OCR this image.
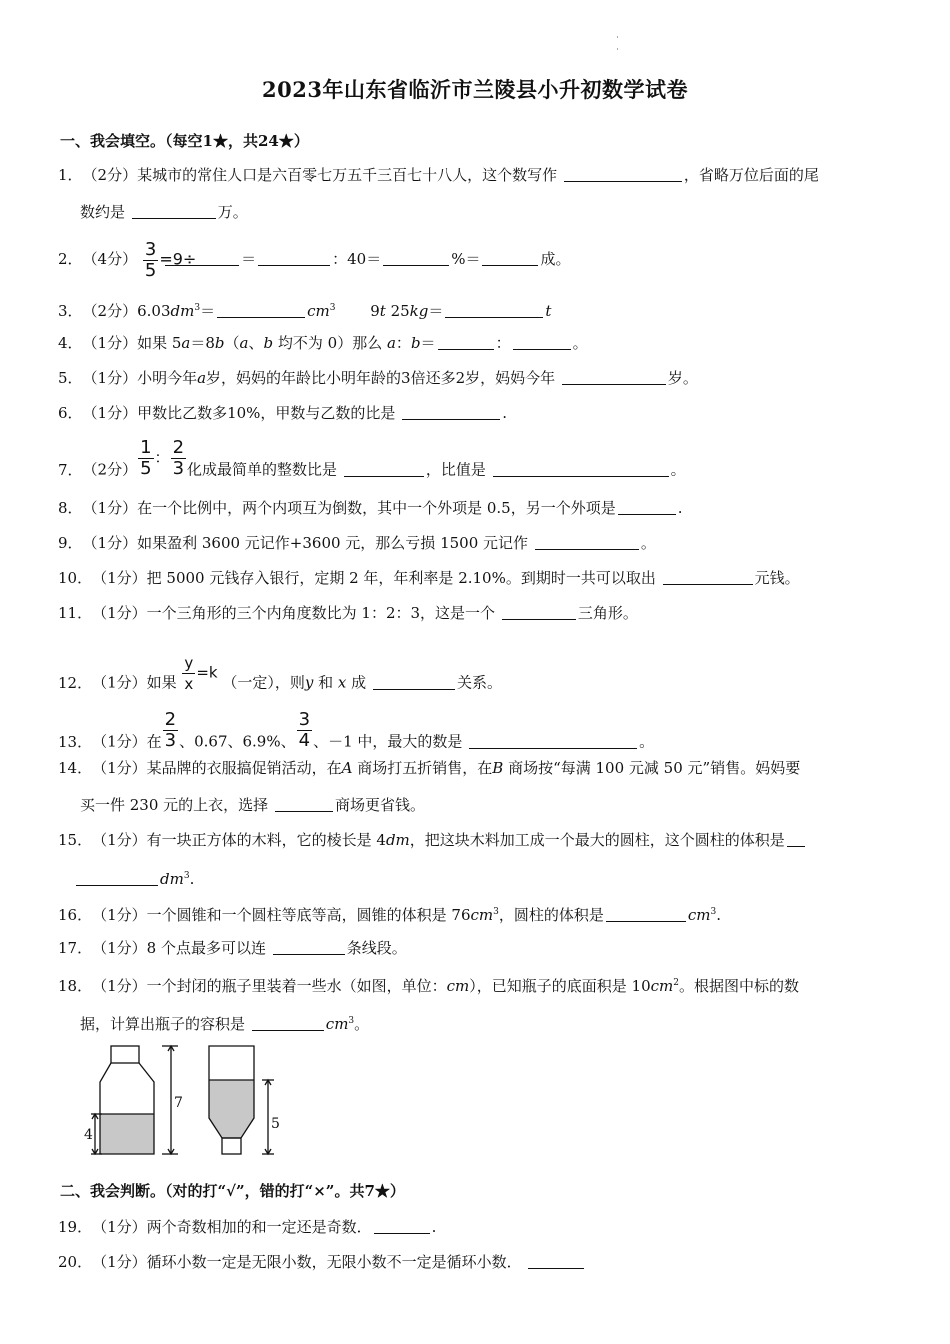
2023年山东省临沂市兰陵县小升初数学试卷
一、我会填空。（每空1★，共24★）
1．（2分）某城市的常住人口是六百零七万五千三百七十八人，这个数写作	，省略万位后面的尾
数约是	万。
2．（4分） $\frac{3}{5} =9\div$	＝	：40＝	%＝	成。
3．（2分）$6.03dm^3=$	$cm^3$ 9t 25kg＝	t
4．（1分）如果 5a＝8b（a、b 均不为 0）那么 a：b＝	：	。
5．（1分）小明今年a岁，妈妈的年龄比小明年龄的3倍还多2岁，妈妈今年	岁。
6．（1分）甲数比乙数多10%，甲数与乙数的比是	.
7．（2分） $\frac{1}{5}$ ： $\frac{2}{3}$ 化成最简单的整数比是	，比值是	。
8．（1分）在一个比例中，两个内项互为倒数，其中一个外项是 0.5，另一个外项是	.
9．（1分）如果盈利 3600 元记作+3600 元，那么亏损 1500 元记作	。
10．（1分）把 5000 元钱存入银行，定期 2 年，年利率是 2.10%。到期时一共可以取出	元钱。
11．（1分）一个三角形的三个内角度数比为 1：2：3，这是一个	三角形。
12．（1分）如果 $\frac{y}{x} =k$ （一定），则y 和 x 成	关系。
13．（1分）在 $\frac{2}{3}$ 、0.67、6.9%、 $\frac{3}{4}$ 、－1 中，最大的数是	。
14．（1分）某品牌的衣服搞促销活动，在A 商场打五折销售，在B 商场按“每满 100 元减 50 元”销售。妈妈要
买一件 230 元的上衣，选择	商场更省钱。
15．（1分）有一块正方体的木料，它的棱长是 4dm，把这块木料加工成一个最大的圆柱，这个圆柱的体积是
$dm^3$.
16．（1分）一个圆锥和一个圆柱等底等高，圆锥的体积是 $76cm^3$，圆柱的体积是	$cm^3$.
17．（1分）8 个点最多可以连	条线段。
18．（1分）一个封闭的瓶子里装着一些水（如图，单位：cm），已知瓶子的底面积是 $10cm^2$。根据图中标的数
据，计算出瓶子的容积是	$cm^3$。
4
7
5
二、我会判断。（对的打“√”，错的打“×”。共7★）
19．（1分）两个奇数相加的和一定还是奇数．	.
20．（1分）循环小数一定是无限小数，无限小数不一定是循环小数．
